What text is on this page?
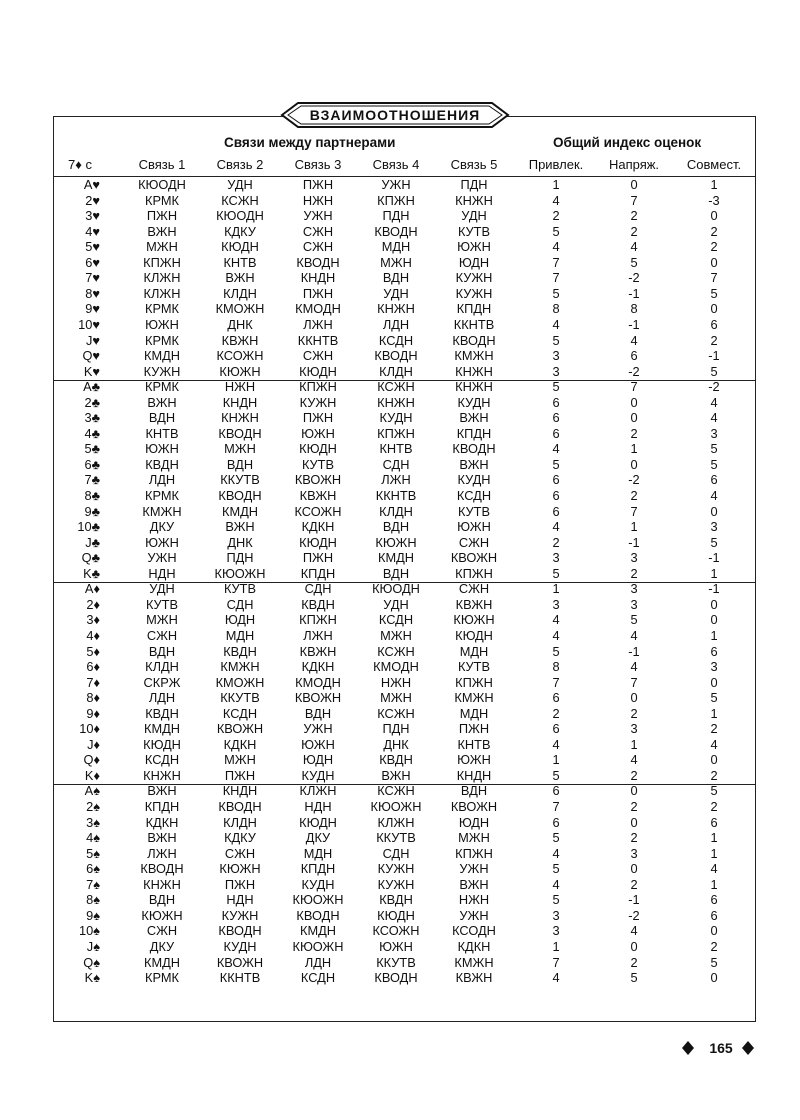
ВЗАИМООТНОШЕНИЯ
Связи между партнерами	Общий индекс оценок
7♦ с	Связь 1	Связь 2	Связь 3	Связь 4	Связь 5	Привлек.	Напряж.	Совмест.
A♥	КЮОДН	УДН	ПЖН	УЖН	ПДН	1	0	1
2♥	КРМК	КСЖН	НЖН	КПЖН	КНЖН	4	7	-3
3♥	ПЖН	КЮОДН	УЖН	ПДН	УДН	2	2	0
4♥	ВЖН	КДКУ	СЖН	КВОДН	КУТВ	5	2	2
5♥	МЖН	КЮДН	СЖН	МДН	ЮЖН	4	4	2
6♥	КПЖН	КНТВ	КВОДН	МЖН	ЮДН	7	5	0
7♥	КЛЖН	ВЖН	КНДН	ВДН	КУЖН	7	-2	7
8♥	КЛЖН	КЛДН	ПЖН	УДН	КУЖН	5	-1	5
9♥	КРМК	КМОЖН	КМОДН	КНЖН	КПДН	8	8	0
10♥	ЮЖН	ДНК	ЛЖН	ЛДН	ККНТВ	4	-1	6
J♥	КРМК	КВЖН	ККНТВ	КСДН	КВОДН	5	4	2
Q♥	КМДН	КСОЖН	СЖН	КВОДН	КМЖН	3	6	-1
K♥	КУЖН	КЮЖН	КЮДН	КЛДН	КНЖН	3	-2	5
A♣	КРМК	НЖН	КПЖН	КСЖН	КНЖН	5	7	-2
2♣	ВЖН	КНДН	КУЖН	КНЖН	КУДН	6	0	4
3♣	ВДН	КНЖН	ПЖН	КУДН	ВЖН	6	0	4
4♣	КНТВ	КВОДН	ЮЖН	КПЖН	КПДН	6	2	3
5♣	ЮЖН	МЖН	КЮДН	КНТВ	КВОДН	4	1	5
6♣	КВДН	ВДН	КУТВ	СДН	ВЖН	5	0	5
7♣	ЛДН	ККУТВ	КВОЖН	ЛЖН	КУДН	6	-2	6
8♣	КРМК	КВОДН	КВЖН	ККНТВ	КСДН	6	2	4
9♣	КМЖН	КМДН	КСОЖН	КЛДН	КУТВ	6	7	0
10♣	ДКУ	ВЖН	КДКН	ВДН	ЮЖН	4	1	3
J♣	ЮЖН	ДНК	КЮДН	КЮЖН	СЖН	2	-1	5
Q♣	УЖН	ПДН	ПЖН	КМДН	КВОЖН	3	3	-1
K♣	НДН	КЮОЖН	КПДН	ВДН	КПЖН	5	2	1
A♦	УДН	КУТВ	СДН	КЮОДН	СЖН	1	3	-1
2♦	КУТВ	СДН	КВДН	УДН	КВЖН	3	3	0
3♦	МЖН	ЮДН	КПЖН	КСДН	КЮЖН	4	5	0
4♦	СЖН	МДН	ЛЖН	МЖН	КЮДН	4	4	1
5♦	ВДН	КВДН	КВЖН	КСЖН	МДН	5	-1	6
6♦	КЛДН	КМЖН	КДКН	КМОДН	КУТВ	8	4	3
7♦	СКРЖ	КМОЖН	КМОДН	НЖН	КПЖН	7	7	0
8♦	ЛДН	ККУТВ	КВОЖН	МЖН	КМЖН	6	0	5
9♦	КВДН	КСДН	ВДН	КСЖН	МДН	2	2	1
10♦	КМДН	КВОЖН	УЖН	ПДН	ПЖН	6	3	2
J♦	КЮДН	КДКН	ЮЖН	ДНК	КНТВ	4	1	4
Q♦	КСДН	МЖН	ЮДН	КВДН	ЮЖН	1	4	0
K♦	КНЖН	ПЖН	КУДН	ВЖН	КНДН	5	2	2
A♠	ВЖН	КНДН	КЛЖН	КСЖН	ВДН	6	0	5
2♠	КПДН	КВОДН	НДН	КЮОЖН	КВОЖН	7	2	2
3♠	КДКН	КЛДН	КЮДН	КЛЖН	ЮДН	6	0	6
4♠	ВЖН	КДКУ	ДКУ	ККУТВ	МЖН	5	2	1
5♠	ЛЖН	СЖН	МДН	СДН	КПЖН	4	3	1
6♠	КВОДН	КЮЖН	КПДН	КУЖН	УЖН	5	0	4
7♠	КНЖН	ПЖН	КУДН	КУЖН	ВЖН	4	2	1
8♠	ВДН	НДН	КЮОЖН	КВДН	НЖН	5	-1	6
9♠	КЮЖН	КУЖН	КВОДН	КЮДН	УЖН	3	-2	6
10♠	СЖН	КВОДН	КМДН	КСОЖН	КСОДН	3	4	0
J♠	ДКУ	КУДН	КЮОЖН	ЮЖН	КДКН	1	0	2
Q♠	КМДН	КВОЖН	ЛДН	ККУТВ	КМЖН	7	2	5
K♠	КРМК	ККНТВ	КСДН	КВОДН	КВЖН	4	5	0
165
